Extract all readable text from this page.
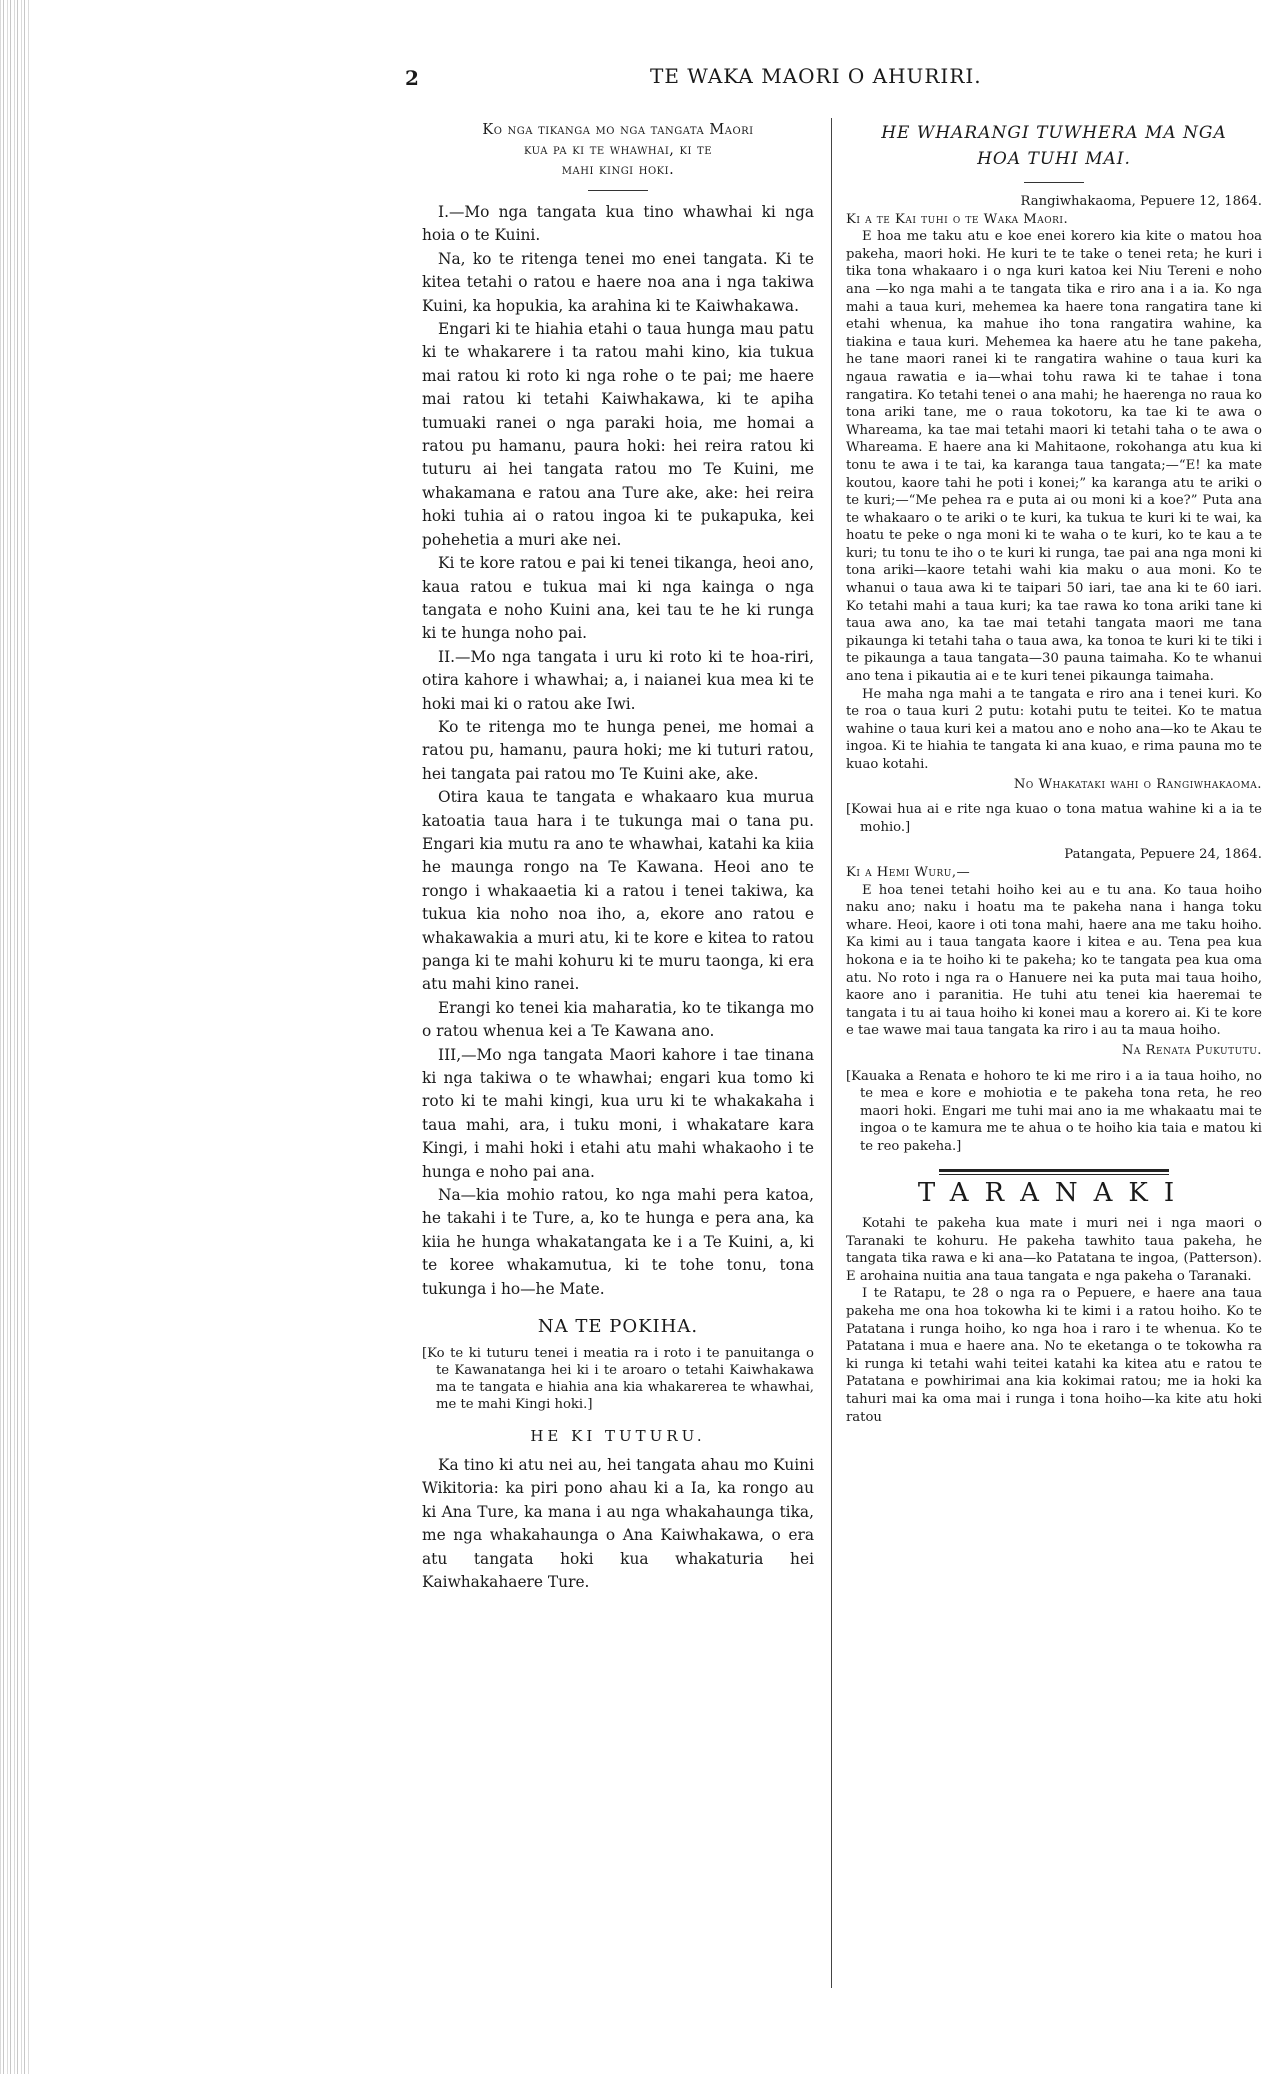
2	TE WAKA MAORI O AHURIRI.
Ko nga tikanga mo nga tangata Maori
kua pa ki te whawhai, ki te
mahi kingi hoki.

I.—Mo nga tangata kua tino whawhai ki nga hoia o te Kuini.

Na, ko te ritenga tenei mo enei tangata. Ki te kitea tetahi o ratou e haere noa ana i nga takiwa Kuini, ka hopukia, ka arahina ki te Kaiwhakawa.

Engari ki te hiahia etahi o taua hunga mau patu ki te whakarere i ta ratou mahi kino, kia tukua mai ratou ki roto ki nga rohe o te pai; me haere mai ratou ki tetahi Kaiwhakawa, ki te apiha tumuaki ranei o nga paraki hoia, me homai a ratou pu hamanu, paura hoki: hei reira ratou ki tuturu ai hei tangata ratou mo Te Kuini, me whakamana e ratou ana Ture ake, ake: hei reira hoki tuhia ai o ratou ingoa ki te pukapuka, kei pohehetia a muri ake nei.

Ki te kore ratou e pai ki tenei tikanga, heoi ano, kaua ratou e tukua mai ki nga kainga o nga tangata e noho Kuini ana, kei tau te he ki runga ki te hunga noho pai.

II.—Mo nga tangata i uru ki roto ki te hoa-riri, otira kahore i whawhai; a, i naianei kua mea ki te hoki mai ki o ratou ake Iwi.

Ko te ritenga mo te hunga penei, me homai a ratou pu, hamanu, paura hoki; me ki tuturi ratou, hei tangata pai ratou mo Te Kuini ake, ake.

Otira kaua te tangata e whakaaro kua murua katoatia taua hara i te tukunga mai o tana pu. Engari kia mutu ra ano te whawhai, katahi ka kiia he maunga rongo na Te Kawana. Heoi ano te rongo i whakaaetia ki a ratou i tenei takiwa, ka tukua kia noho noa iho, a, ekore ano ratou e whakawakia a muri atu, ki te kore e kitea to ratou panga ki te mahi kohuru ki te muru taonga, ki era atu mahi kino ranei.

Erangi ko tenei kia maharatia, ko te tikanga mo o ratou whenua kei a Te Kawana ano.

III,—Mo nga tangata Maori kahore i tae tinana ki nga takiwa o te whawhai; engari kua tomo ki roto ki te mahi kingi, kua uru ki te whakakaha i taua mahi, ara, i tuku moni, i whakatare kara Kingi, i mahi hoki i etahi atu mahi whakaoho i te hunga e noho pai ana.

Na—kia mohio ratou, ko nga mahi pera katoa, he takahi i te Ture, a, ko te hunga e pera ana, ka kiia he hunga whakatangata ke i a Te Kuini, a, ki te koree whakamutua, ki te tohe tonu, tona tukunga i ho—he Mate.

NA TE POKIHA.

[Ko te ki tuturu tenei i meatia ra i roto i te panuitanga o te Kawanatanga hei ki i te aroaro o tetahi Kaiwhakawa ma te tangata e hiahia ana kia whakarerea te whawhai, me te mahi Kingi hoki.]

HE KI TUTURU.

Ka tino ki atu nei au, hei tangata ahau mo Kuini Wikitoria: ka piri pono ahau ki a Ia, ka rongo au ki Ana Ture, ka mana i au nga whakahaunga tika, me nga whakahaunga o Ana Kaiwhakawa, o era atu tangata hoki kua whakaturia hei Kaiwhakahaere Ture.

HE WHARANGI TUWHERA MA NGA
HOA TUHI MAI.
Rangiwhakaoma, Pepuere 12, 1864.
Ki a te Kai tuhi o te Waka Maori.

E hoa me taku atu e koe enei korero kia kite o matou hoa pakeha, maori hoki. He kuri te te take o tenei reta; he kuri i tika tona whakaaro i o nga kuri katoa kei Niu Tereni e noho ana —ko nga mahi a te tangata tika e riro ana i a ia. Ko nga mahi a taua kuri, mehemea ka haere tona rangatira tane ki etahi whenua, ka mahue iho tona rangatira wahine, ka tiakina e taua kuri. Mehemea ka haere atu he tane pakeha, he tane maori ranei ki te rangatira wahine o taua kuri ka ngaua rawatia e ia—whai tohu rawa ki te tahae i tona rangatira. Ko tetahi tenei o ana mahi; he haerenga no raua ko tona ariki tane, me o raua tokotoru, ka tae ki te awa o Whareama, ka tae mai tetahi maori ki tetahi taha o te awa o Whareama. E haere ana ki Mahitaone, rokohanga atu kua ki tonu te awa i te tai, ka karanga taua tangata;—“E! ka mate koutou, kaore tahi he poti i konei;” ka karanga atu te ariki o te kuri;—“Me pehea ra e puta ai ou moni ki a koe?” Puta ana te whakaaro o te ariki o te kuri, ka tukua te kuri ki te wai, ka hoatu te peke o nga moni ki te waha o te kuri, ko te kau a te kuri; tu tonu te iho o te kuri ki runga, tae pai ana nga moni ki tona ariki—kaore tetahi wahi kia maku o aua moni. Ko te whanui o taua awa ki te taipari 50 iari, tae ana ki te 60 iari. Ko tetahi mahi a taua kuri; ka tae rawa ko tona ariki tane ki taua awa ano, ka tae mai tetahi tangata maori me tana pikaunga ki tetahi taha o taua awa, ka tonoa te kuri ki te tiki i te pikaunga a taua tangata—30 pauna taimaha. Ko te whanui ano tena i pikautia ai e te kuri tenei pikaunga taimaha.

He maha nga mahi a te tangata e riro ana i tenei kuri. Ko te roa o taua kuri 2 putu: kotahi putu te teitei. Ko te matua wahine o taua kuri kei a matou ano e noho ana—ko te Akau te ingoa. Ki te hiahia te tangata ki ana kuao, e rima pauna mo te kuao kotahi.

No Whakataki wahi o Rangiwhakaoma.

[Kowai hua ai e rite nga kuao o tona matua wahine ki a ia te mohio.]

Patangata, Pepuere 24, 1864.
Ki a Hemi Wuru,—

E hoa tenei tetahi hoiho kei au e tu ana. Ko taua hoiho naku ano; naku i hoatu ma te pakeha nana i hanga toku whare. Heoi, kaore i oti tona mahi, haere ana me taku hoiho. Ka kimi au i taua tangata kaore i kitea e au. Tena pea kua hokona e ia te hoiho ki te pakeha; ko te tangata pea kua oma atu. No roto i nga ra o Hanuere nei ka puta mai taua hoiho, kaore ano i paranitia. He tuhi atu tenei kia haeremai te tangata i tu ai taua hoiho ki konei mau a korero ai. Ki te kore e tae wawe mai taua tangata ka riro i au ta maua hoiho.

Na Renata Pukututu.

[Kauaka a Renata e hohoro te ki me riro i a ia taua hoiho, no te mea e kore e mohiotia e te pakeha tona reta, he reo maori hoki. Engari me tuhi mai ano ia me whakaatu mai te ingoa o te kamura me te ahua o te hoiho kia taia e matou ki te reo pakeha.]

TARANAKI

Kotahi te pakeha kua mate i muri nei i nga maori o Taranaki te kohuru. He pakeha tawhito taua pakeha, he tangata tika rawa e ki ana—ko Patatana te ingoa, (Patterson). E arohaina nuitia ana taua tangata e nga pakeha o Taranaki.

I te Ratapu, te 28 o nga ra o Pepuere, e haere ana taua pakeha me ona hoa tokowha ki te kimi i a ratou hoiho. Ko te Patatana i runga hoiho, ko nga hoa i raro i te whenua. Ko te Patatana i mua e haere ana. No te eketanga o te tokowha ra ki runga ki tetahi wahi teitei katahi ka kitea atu e ratou te Patatana e powhirimai ana kia kokimai ratou; me ia hoki ka tahuri mai ka oma mai i runga i tona hoiho—ka kite atu hoki ratou
